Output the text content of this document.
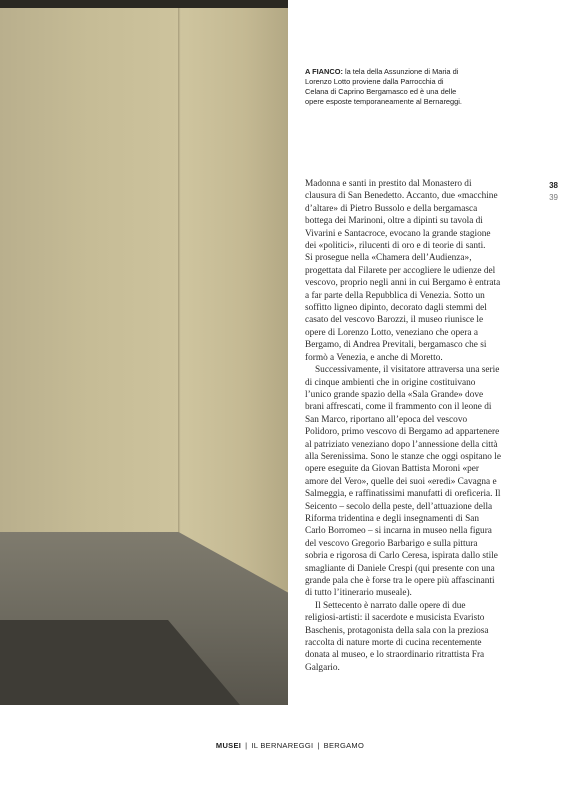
A FIANCO: la tela della Assunzione di Maria di Lorenzo Lotto proviene dalla Parrocchia di Celana di Caprino Bergamasco ed è una delle opere esposte temporaneamente al Bernareggi.
38
39

Madonna e santi in prestito dal Monastero di clausura di San Benedetto. Accanto, due «macchine d’altare» di Pietro Bussolo e della bergamasca bottega dei Marinoni, oltre a dipinti su tavola di Vivarini e Santacroce, evocano la grande stagione dei «politici», rilucenti di oro e di teorie di santi.

Si prosegue nella «Chamera dell’Audienza», progettata dal Filarete per accogliere le udienze del vescovo, proprio negli anni in cui Bergamo è entrata a far parte della Repubblica di Venezia. Sotto un soffitto ligneo dipinto, decorato dagli stemmi del casato del vescovo Barozzi, il museo riunisce le opere di Lorenzo Lotto, veneziano che opera a Bergamo, di Andrea Previtali, bergamasco che si formò a Venezia, e anche di Moretto.

Successivamente, il visitatore attraversa una serie di cinque ambienti che in origine costituivano l’unico grande spazio della «Sala Grande» dove brani affrescati, come il frammento con il leone di San Marco, riportano all’epoca del vescovo Polidoro, primo vescovo di Bergamo ad appartenere al patriziato veneziano dopo l’annessione della città alla Serenissima. Sono le stanze che oggi ospitano le opere eseguite da Giovan Battista Moroni «per amore del Vero», quelle dei suoi «eredi» Cavagna e Salmeggia, e raffinatissimi manufatti di oreficeria. Il Seicento – secolo della peste, dell’attuazione della Riforma tridentina e degli insegnamenti di San Carlo Borromeo – si incarna in museo nella figura del vescovo Gregorio Barbarigo e sulla pittura sobria e rigorosa di Carlo Ceresa, ispirata dallo stile smagliante di Daniele Crespi (qui presente con una grande pala che è forse tra le opere più affascinanti di tutto l’itinerario museale).

Il Settecento è narrato dalle opere di due religiosi-artisti: il sacerdote e musicista Evaristo Baschenis, protagonista della sala con la preziosa raccolta di nature morte di cucina recentemente donata al museo, e lo straordinario ritrattista Fra Galgario.

MUSEI | IL BERNAREGGI | BERGAMO
